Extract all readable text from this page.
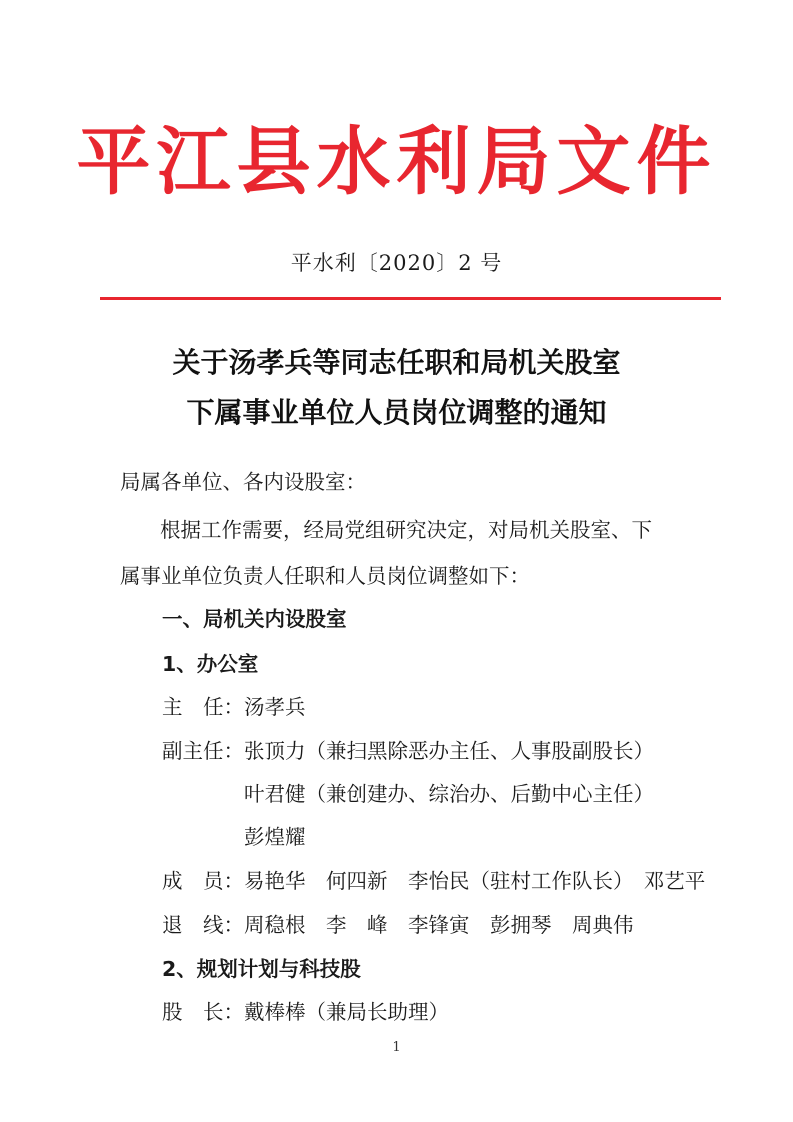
平江县水利局文件
平水利〔2020〕2 号
关于汤孝兵等同志任职和局机关股室
下属事业单位人员岗位调整的通知
局属各单位、各内设股室：
根据工作需要，经局党组研究决定，对局机关股室、下
属事业单位负责人任职和人员岗位调整如下：
一、局机关内设股室
1、办公室
主　任：汤孝兵
副主任：张顶力（兼扫黑除恶办主任、人事股副股长）
叶君健（兼创建办、综治办、后勤中心主任）
彭煌耀
成　员：易艳华　何四新　李怡民（驻村工作队长）　邓艺平
退　线：周稳根　李　峰　李锋寅　彭拥琴　周典伟
2、规划计划与科技股
股　长：戴棒棒（兼局长助理）
1
